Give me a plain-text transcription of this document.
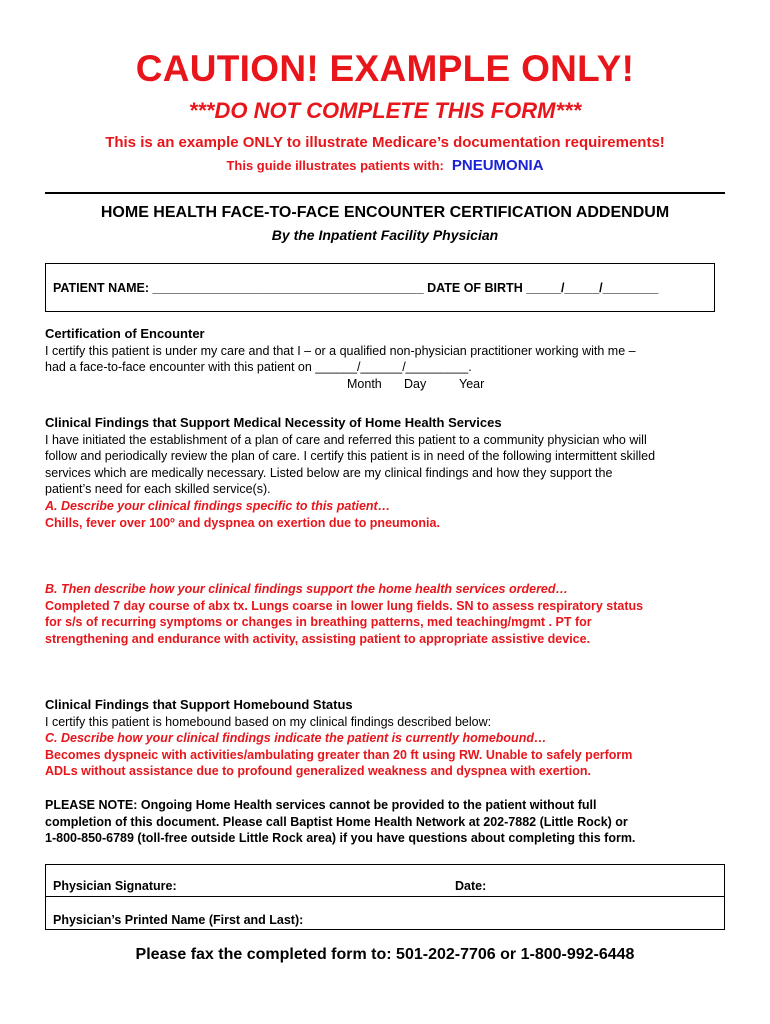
CAUTION! EXAMPLE ONLY!
***DO NOT COMPLETE THIS FORM***
This is an example ONLY to illustrate Medicare’s documentation requirements!
This guide illustrates patients with: PNEUMONIA
HOME HEALTH FACE-TO-FACE ENCOUNTER CERTIFICATION ADDENDUM
By the Inpatient Facility Physician
PATIENT NAME: _______________________________________ DATE OF BIRTH _____/_____/________
Certification of Encounter
I certify this patient is under my care and that I – or a qualified non-physician practitioner working with me –
had a face-to-face encounter with this patient on ______/______/_________.
Month Day	Year
Clinical Findings that Support Medical Necessity of Home Health Services
I have initiated the establishment of a plan of care and referred this patient to a community physician who will
follow and periodically review the plan of care. I certify this patient is in need of the following intermittent skilled
services which are medically necessary. Listed below are my clinical findings and how they support the
patient’s need for each skilled service(s).
A. Describe your clinical findings specific to this patient…
Chills, fever over 100º and dyspnea on exertion due to pneumonia.
B. Then describe how your clinical findings support the home health services ordered…
Completed 7 day course of abx tx. Lungs coarse in lower lung fields. SN to assess respiratory status
for s/s of recurring symptoms or changes in breathing patterns, med teaching/mgmt . PT for
strengthening and endurance with activity, assisting patient to appropriate assistive device.
Clinical Findings that Support Homebound Status
I certify this patient is homebound based on my clinical findings described below:
C. Describe how your clinical findings indicate the patient is currently homebound…
Becomes dyspneic with activities/ambulating greater than 20 ft using RW. Unable to safely perform
ADLs without assistance due to profound generalized weakness and dyspnea with exertion.
PLEASE NOTE: Ongoing Home Health services cannot be provided to the patient without full
completion of this document. Please call Baptist Home Health Network at 202-7882 (Little Rock) or
1-800-850-6789 (toll-free outside Little Rock area) if you have questions about completing this form.
Physician Signature:	Date:
Physician’s Printed Name (First and Last):
Please fax the completed form to: 501-202-7706 or 1-800-992-6448
